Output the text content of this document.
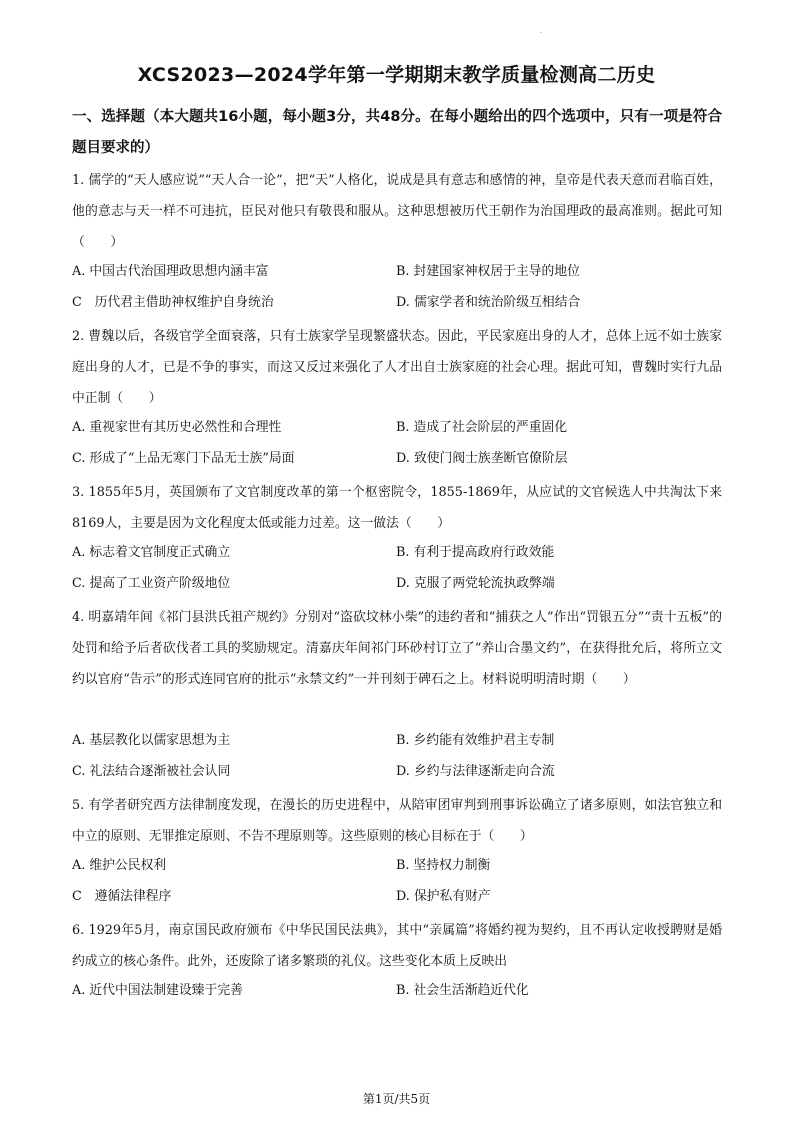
·
XCS2023—2024学年第一学期期末教学质量检测高二历史
一、选择题（本大题共16小题，每小题3分，共48分。在每小题给出的四个选项中，只有一项是符合题目要求的）
1. 儒学的“天人感应说”“天人合一论”，把“天”人格化，说成是具有意志和感情的神，皇帝是代表天意而君临百姓，他的意志与天一样不可违抗，臣民对他只有敬畏和服从。这种思想被历代王朝作为治国理政的最高准则。据此可知（　　）
A. 中国古代治国理政思想内涵丰富	B. 封建国家神权居于主导的地位
C　历代君主借助神权维护自身统治	D. 儒家学者和统治阶级互相结合
2. 曹魏以后，各级官学全面衰落，只有士族家学呈现繁盛状态。因此，平民家庭出身的人才，总体上远不如士族家庭出身的人才，已是不争的事实，而这又反过来强化了人才出自士族家庭的社会心理。据此可知，曹魏时实行九品中正制（　　）
A. 重视家世有其历史必然性和合理性	B. 造成了社会阶层的严重固化
C. 形成了“上品无寒门下品无士族”局面	D. 致使门阀士族垄断官僚阶层
3. 1855年5月，英国颁布了文官制度改革的第一个枢密院令，1855-1869年，从应试的文官候选人中共淘汰下来8169人，主要是因为文化程度太低或能力过差。这一做法（　　）
A. 标志着文官制度正式确立	B. 有利于提高政府行政效能
C. 提高了工业资产阶级地位	D. 克服了两党轮流执政弊端
4. 明嘉靖年间《祁门县洪氏祖产规约》分别对“盗砍坟林小柴”的违约者和“捕获之人”作出“罚银五分”“责十五板”的处罚和给予后者砍伐者工具的奖励规定。清嘉庆年间祁门环砂村订立了“养山合墨文约”，在获得批允后，将所立文约以官府“告示”的形式连同官府的批示“永禁文约”一并刊刻于碑石之上。材料说明明清时期（　　）
A. 基层教化以儒家思想为主	B. 乡约能有效维护君主专制
C. 礼法结合逐渐被社会认同	D. 乡约与法律逐渐走向合流
5. 有学者研究西方法律制度发现，在漫长的历史进程中，从陪审团审判到刑事诉讼确立了诸多原则，如法官独立和中立的原则、无罪推定原则、不告不理原则等。这些原则的核心目标在于（　　）
A. 维护公民权利	B. 坚持权力制衡
C　遵循法律程序	D. 保护私有财产
6. 1929年5月，南京国民政府颁布《中华民国民法典》，其中“亲属篇”将婚约视为契约，且不再认定收授聘财是婚约成立的核心条件。此外，还废除了诸多繁琐的礼仪。这些变化本质上反映出
A. 近代中国法制建设臻于完善	B. 社会生活渐趋近代化
第1页/共5页
